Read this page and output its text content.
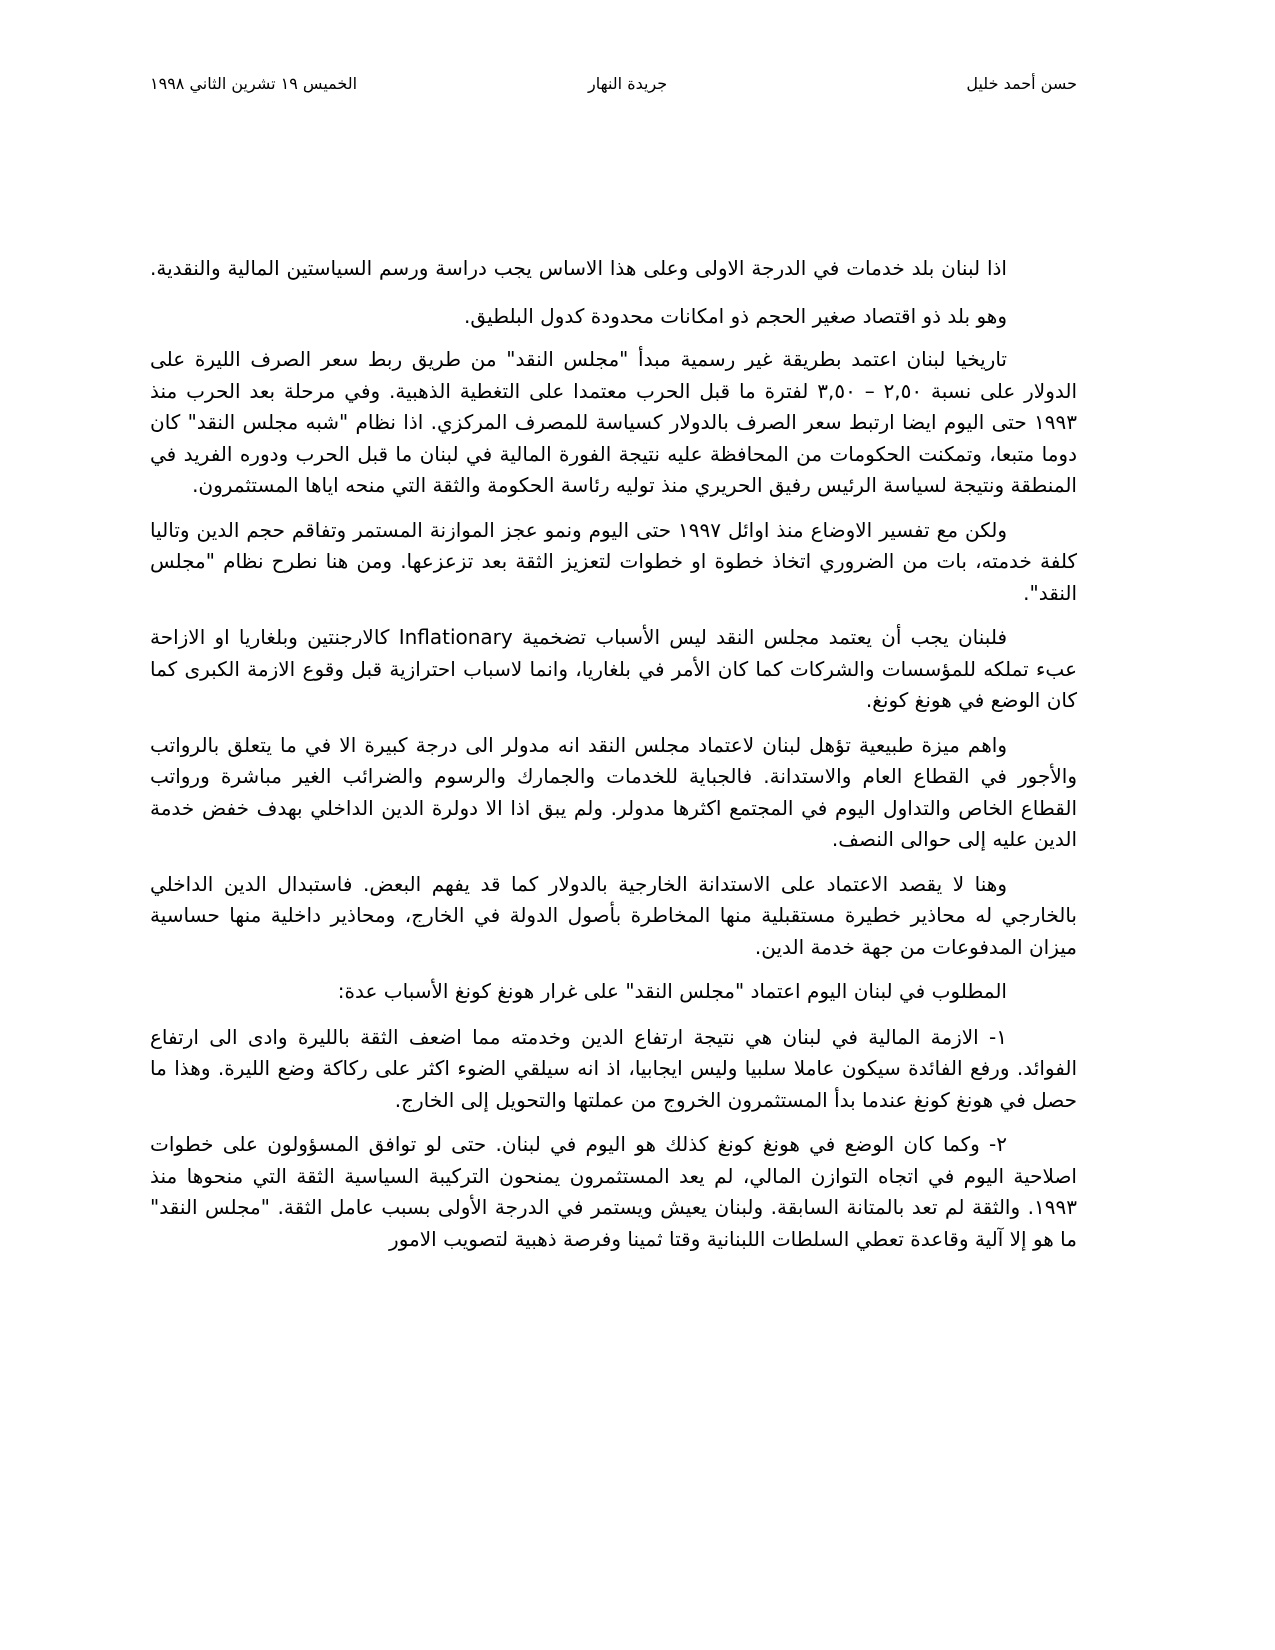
حسن أحمد خليل
جريدة النهار
الخميس ١٩ تشرين الثاني ١٩٩٨

اذا لبنان بلد خدمات في الدرجة الاولى وعلى هذا الاساس يجب دراسة ورسم السياستين المالية والنقدية. وهو بلد ذو اقتصاد صغير الحجم ذو امكانات محدودة كدول البلطيق.

تاريخيا لبنان اعتمد بطريقة غير رسمية مبدأ "مجلس النقد" من طريق ربط سعر الصرف الليرة على الدولار على نسبة ٢,٥٠ – ٣,٥٠ لفترة ما قبل الحرب معتمدا على التغطية الذهبية. وفي مرحلة بعد الحرب منذ ١٩٩٣ حتى اليوم ايضا ارتبط سعر الصرف بالدولار كسياسة للمصرف المركزي. اذا نظام "شبه مجلس النقد" كان دوما متبعا، وتمكنت الحكومات من المحافظة عليه نتيجة الفورة المالية في لبنان ما قبل الحرب ودوره الفريد في المنطقة ونتيجة لسياسة الرئيس رفيق الحريري منذ توليه رئاسة الحكومة والثقة التي منحه اياها المستثمرون.

ولكن مع تفسير الاوضاع منذ اوائل ١٩٩٧ حتى اليوم ونمو عجز الموازنة المستمر وتفاقم حجم الدين وتاليا كلفة خدمته، بات من الضروري اتخاذ خطوة او خطوات لتعزيز الثقة بعد تزعزعها. ومن هنا نطرح نظام "مجلس النقد".

فلبنان يجب أن يعتمد مجلس النقد ليس الأسباب تضخمية Inflationary كالارجنتين وبلغاريا او الازاحة عبء تملكه للمؤسسات والشركات كما كان الأمر في بلغاريا، وانما لاسباب احترازية قبل وقوع الازمة الكبرى كما كان الوضع في هونغ كونغ.

واهم ميزة طبيعية تؤهل لبنان لاعتماد مجلس النقد انه مدولر الى درجة كبيرة الا في ما يتعلق بالرواتب والأجور في القطاع العام والاستدانة. فالجباية للخدمات والجمارك والرسوم والضرائب الغير مباشرة ورواتب القطاع الخاص والتداول اليوم في المجتمع اكثرها مدولر. ولم يبق اذا الا دولرة الدين الداخلي بهدف خفض خدمة الدين عليه إلى حوالى النصف.

وهنا لا يقصد الاعتماد على الاستدانة الخارجية بالدولار كما قد يفهم البعض. فاستبدال الدين الداخلي بالخارجي له محاذير خطيرة مستقبلية منها المخاطرة بأصول الدولة في الخارج، ومحاذير داخلية منها حساسية ميزان المدفوعات من جهة خدمة الدين.

المطلوب في لبنان اليوم اعتماد "مجلس النقد" على غرار هونغ كونغ الأسباب عدة:

١- الازمة المالية في لبنان هي نتيجة ارتفاع الدين وخدمته مما اضعف الثقة بالليرة وادى الى ارتفاع الفوائد. ورفع الفائدة سيكون عاملا سلبيا وليس ايجابيا، اذ انه سيلقي الضوء اكثر على ركاكة وضع الليرة. وهذا ما حصل في هونغ كونغ عندما بدأ المستثمرون الخروج من عملتها والتحويل إلى الخارج.

٢- وكما كان الوضع في هونغ كونغ كذلك هو اليوم في لبنان. حتى لو توافق المسؤولون على خطوات اصلاحية اليوم في اتجاه التوازن المالي، لم يعد المستثمرون يمنحون التركيبة السياسية الثقة التي منحوها منذ ١٩٩٣. والثقة لم تعد بالمتانة السابقة. ولبنان يعيش ويستمر في الدرجة الأولى بسبب عامل الثقة. "مجلس النقد" ما هو إلا آلية وقاعدة تعطي السلطات اللبنانية وقتا ثمينا وفرصة ذهبية لتصويب الامور
